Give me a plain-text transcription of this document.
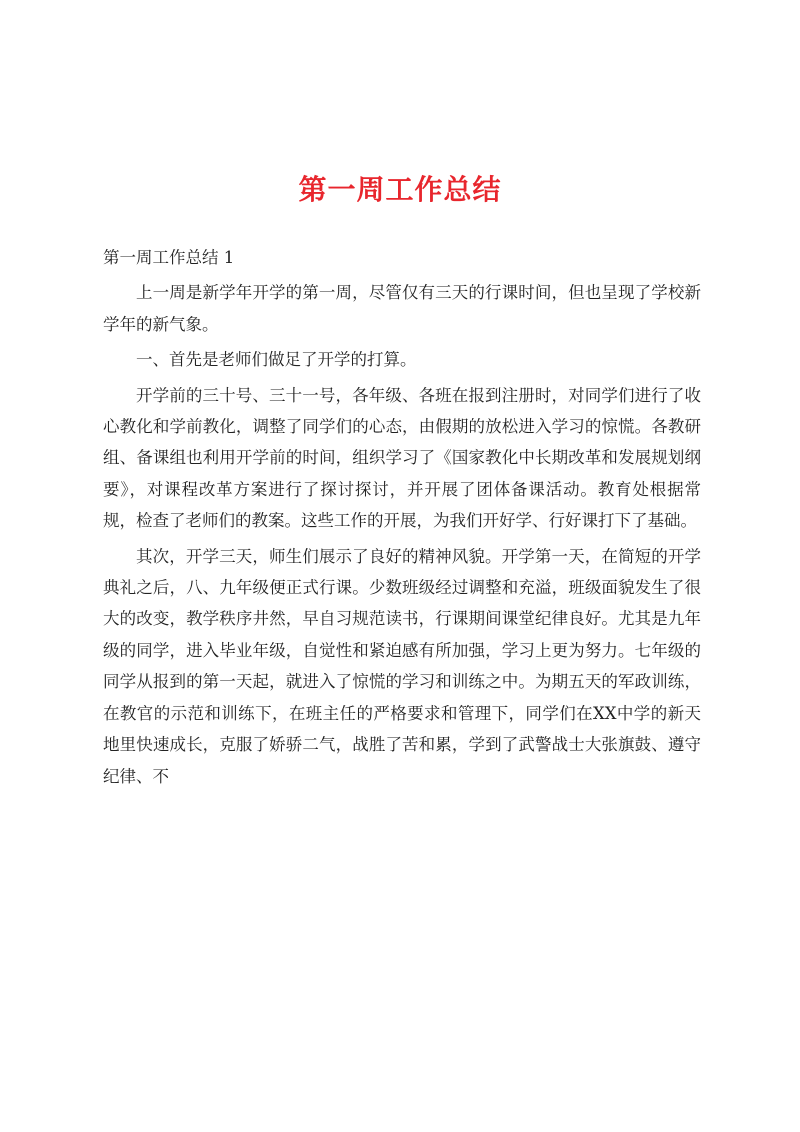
第一周工作总结

第一周工作总结 1

上一周是新学年开学的第一周，尽管仅有三天的行课时间，但也呈现了学校新学年的新气象。

一、首先是老师们做足了开学的打算。

开学前的三十号、三十一号，各年级、各班在报到注册时，对同学们进行了收心教化和学前教化，调整了同学们的心态，由假期的放松进入学习的惊慌。各教研组、备课组也利用开学前的时间，组织学习了《国家教化中长期改革和发展规划纲要》，对课程改革方案进行了探讨探讨，并开展了团体备课活动。教育处根据常规，检查了老师们的教案。这些工作的开展，为我们开好学、行好课打下了基础。

其次，开学三天，师生们展示了良好的精神风貌。开学第一天，在简短的开学典礼之后，八、九年级便正式行课。少数班级经过调整和充溢，班级面貌发生了很大的改变，教学秩序井然，早自习规范读书，行课期间课堂纪律良好。尤其是九年级的同学，进入毕业年级，自觉性和紧迫感有所加强，学习上更为努力。七年级的同学从报到的第一天起，就进入了惊慌的学习和训练之中。为期五天的军政训练，在教官的示范和训练下，在班主任的严格要求和管理下，同学们在XX中学的新天地里快速成长，克服了娇骄二气，战胜了苦和累，学到了武警战士大张旗鼓、遵守纪律、不
